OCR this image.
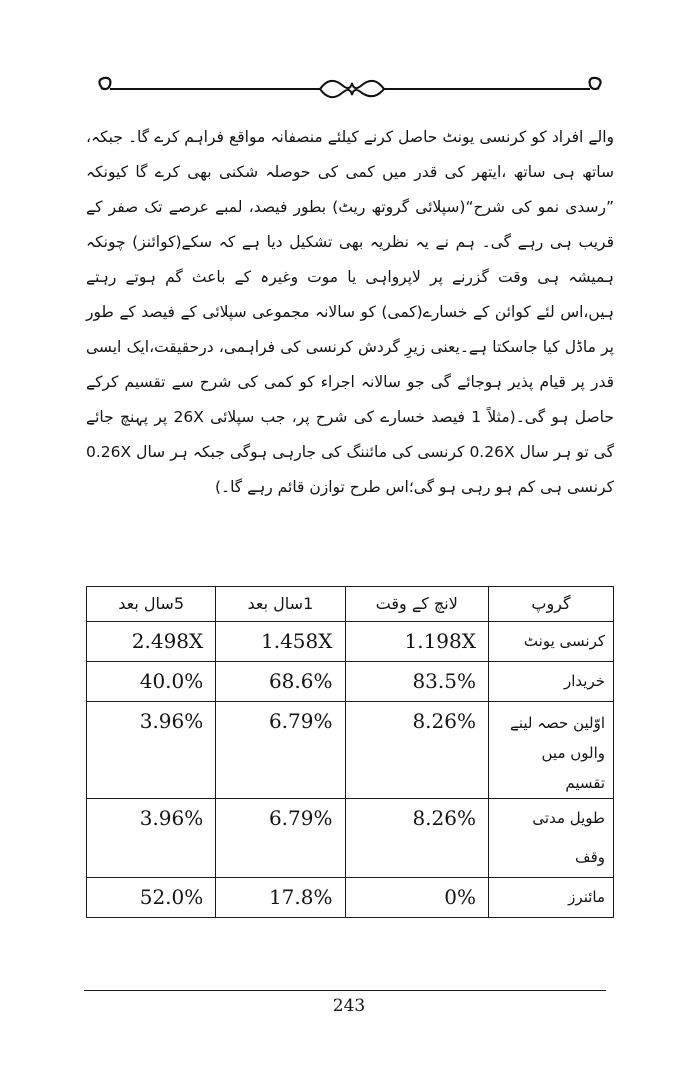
والے افراد کو کرنسی یونٹ حاصل کرنے کیلئے منصفانہ مواقع فراہم کرے گا۔ جبکہ، ساتھ ہی ساتھ ،ایتھر کی قدر میں کمی کی حوصلہ شکنی بھی کرے گا کیونکہ ”رسدی نمو کی شرح“(سپلائی گروتھ ریٹ) بطور فیصد، لمبے عرصے تک صفر کے قریب ہی رہے گی۔ ہم نے یہ نظریہ بھی تشکیل دیا ہے کہ سکے(کوائنز) چونکہ ہمیشہ ہی وقت گزرنے پر لاپرواہی یا موت وغیرہ کے باعث گم ہوتے رہتے ہیں،اس لئے کوائن کے خسارے(کمی) کو سالانہ مجموعی سپلائی کے فیصد کے طور پر ماڈل کیا جاسکتا ہے۔یعنی زیرِ گردش کرنسی کی فراہمی، درحقیقت،ایک ایسی قدر پر قیام پذیر ہوجائے گی جو سالانہ اجراء کو کمی کی شرح سے تقسیم کرکے حاصل ہو گی۔(مثلاً 1 فیصد خسارے کی شرح پر، جب سپلائی 26X پر پہنچ جائے گی تو ہر سال 0.26X کرنسی کی مائننگ کی جارہی ہوگی جبکہ ہر سال 0.26X کرنسی ہی کم ہو رہی ہو گی؛اس طرح توازن قائم رہے گا۔)
گروپ	لانچ کے وقت	1سال بعد	5سال بعد
کرنسی یونٹ	1.198X	1.458X	2.498X
خریدار	83.5%	68.6%	40.0%

اوّلین حصہ لینے
والوں میں تقسیم	8.26%	6.79%	3.96%
طویل مدتی وقف	8.26%	6.79%	3.96%
مائنرز	0%	17.8%	52.0%
243
